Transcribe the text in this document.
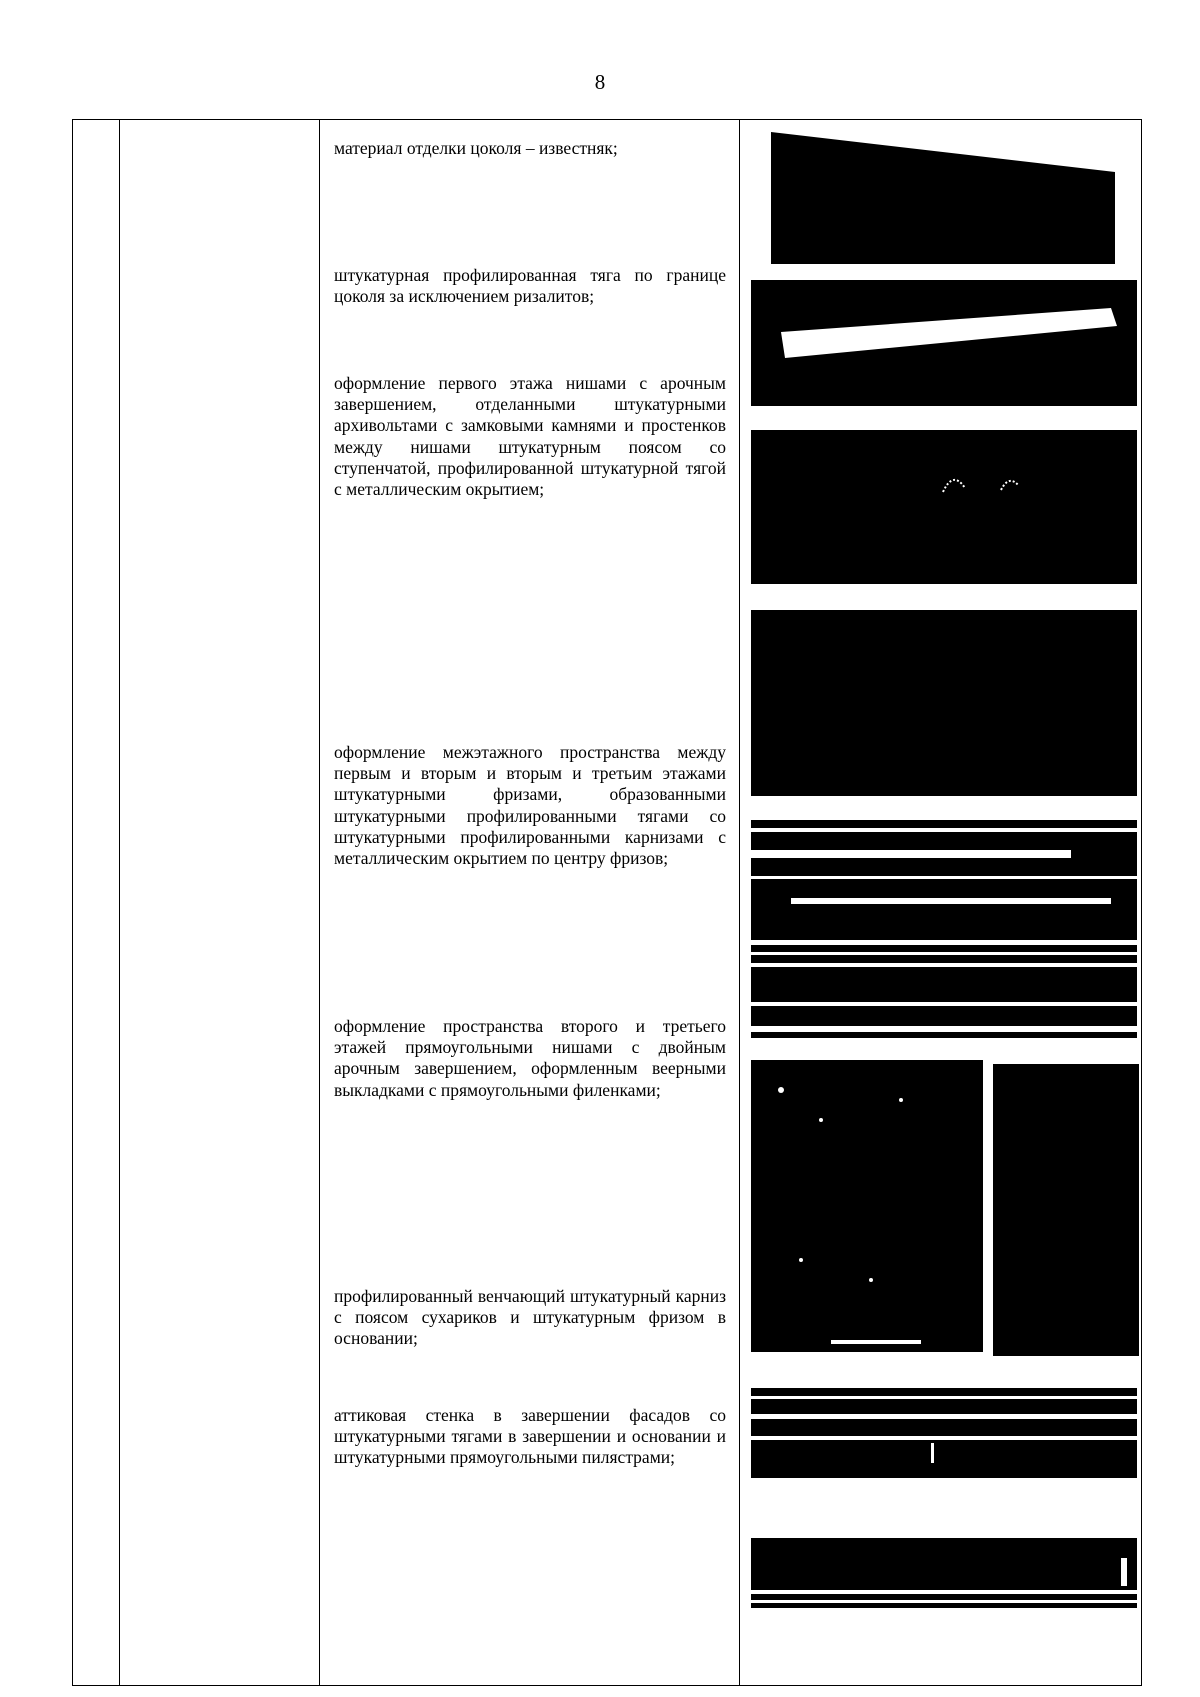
8
материал отделки цоколя – известняк;
штукатурная профилированная тяга по границе цоколя за исключением ризалитов;
оформление первого этажа нишами с арочным завершением, отделанными штукатурными архивольтами с замковыми камнями и простенков между нишами штукатурным поясом со ступенчатой, профилированной штукатурной тягой с металлическим окрытием;
оформление межэтажного пространства между первым и вторым и вторым и третьим этажами штукатурными фризами, образованными штукатурными профилированными тягами со штукатурными профилированными карнизами с металлическим окрытием по центру фризов;
оформление пространства второго и третьего этажей прямоугольными нишами с двойным арочным завершением, оформленным веерными выкладками с прямоугольными филенками;
профилированный венчающий штукатурный карниз с поясом сухариков и штукатурным фризом в основании;
аттиковая стенка в завершении фасадов со штукатурными тягами в завершении и основании и штукатурными прямоугольными пилястрами;
